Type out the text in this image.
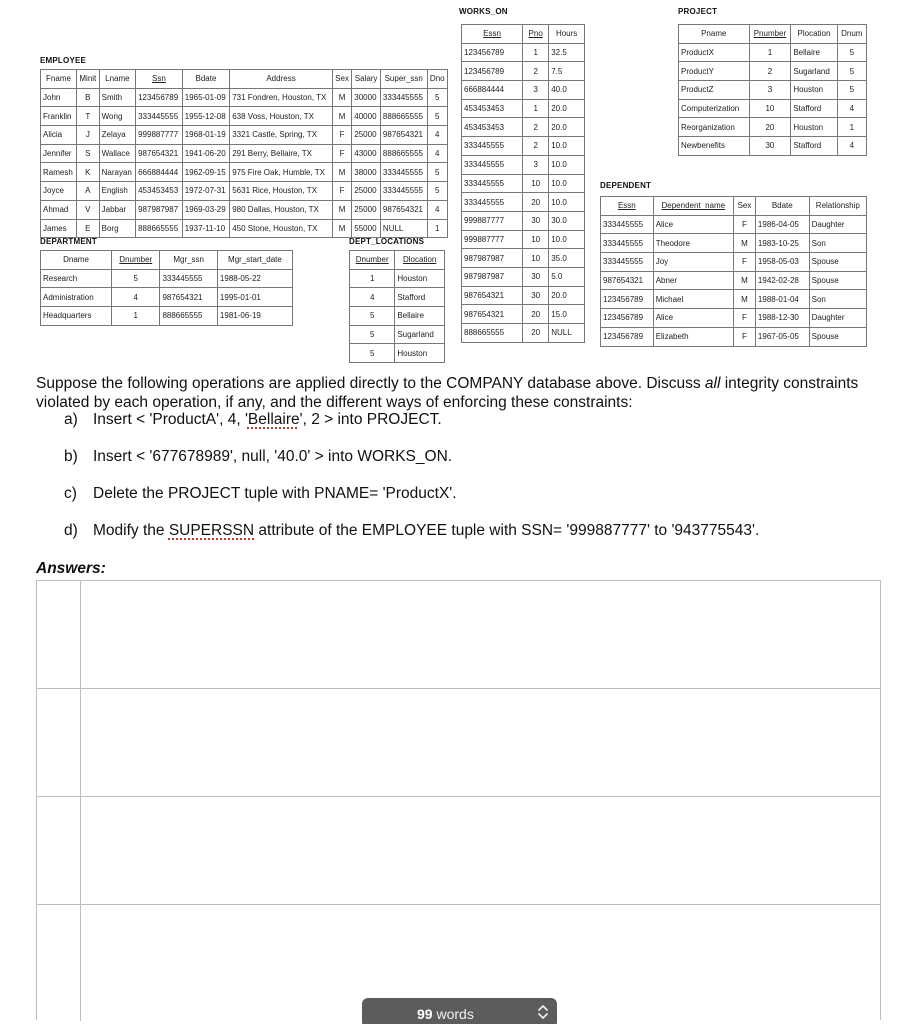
EMPLOYEE
Fname	Minit	Lname	Ssn	Bdate	Address	Sex	Salary	Super_ssn	Dno
John	B	Smith	123456789	1965-01-09	731 Fondren, Houston, TX	M	30000	333445555	5
Franklin	T	Wong	333445555	1955-12-08	638 Voss, Houston, TX	M	40000	888665555	5
Alicia	J	Zelaya	999887777	1968-01-19	3321 Castle, Spring, TX	F	25000	987654321	4
Jennifer	S	Wallace	987654321	1941-06-20	291 Berry, Bellaire, TX	F	43000	888665555	4
Ramesh	K	Narayan	666884444	1962-09-15	975 Fire Oak, Humble, TX	M	38000	333445555	5
Joyce	A	English	453453453	1972-07-31	5631 Rice, Houston, TX	F	25000	333445555	5
Ahmad	V	Jabbar	987987987	1969-03-29	980 Dallas, Houston, TX	M	25000	987654321	4
James	E	Borg	888665555	1937-11-10	450 Stone, Houston, TX	M	55000	NULL	1
DEPARTMENT
Dname	Dnumber	Mgr_ssn	Mgr_start_date
Research	5	333445555	1988-05-22
Administration	4	987654321	1995-01-01
Headquarters	1	888665555	1981-06-19
DEPT_LOCATIONS
Dnumber	Dlocation
1	Houston
4	Stafford
5	Bellaire
5	Sugarland
5	Houston
WORKS_ON
Essn	Pno	Hours
123456789	1	32.5
123456789	2	7.5
666884444	3	40.0
453453453	1	20.0
453453453	2	20.0
333445555	2	10.0
333445555	3	10.0
333445555	10	10.0
333445555	20	10.0
999887777	30	30.0
999887777	10	10.0
987987987	10	35.0
987987987	30	5.0
987654321	30	20.0
987654321	20	15.0
888665555	20	NULL
PROJECT
Pname	Pnumber	Plocation	Dnum
ProductX	1	Bellaire	5
ProductY	2	Sugarland	5
ProductZ	3	Houston	5
Computerization	10	Stafford	4
Reorganization	20	Houston	1
Newbenefits	30	Stafford	4
DEPENDENT
Essn	Dependent_name	Sex	Bdate	Relationship
333445555	Alice	F	1986-04-05	Daughter
333445555	Theodore	M	1983-10-25	Son
333445555	Joy	F	1958-05-03	Spouse
987654321	Abner	M	1942-02-28	Spouse
123456789	Michael	M	1988-01-04	Son
123456789	Alice	F	1988-12-30	Daughter
123456789	Elizabeth	F	1967-05-05	Spouse
Suppose the following operations are applied directly to the COMPANY database above. Discuss all integrity constraints violated by each operation, if any, and the different ways of enforcing these constraints:
a) Insert < 'ProductA', 4, 'Bellaire', 2 > into PROJECT.
b) Insert < '677678989', null, '40.0' > into WORKS_ON.
c) Delete the PROJECT tuple with PNAME= 'ProductX'.
d) Modify the SUPERSSN attribute of the EMPLOYEE tuple with SSN= '999887777' to '943775543'.
Answers:
99 words
